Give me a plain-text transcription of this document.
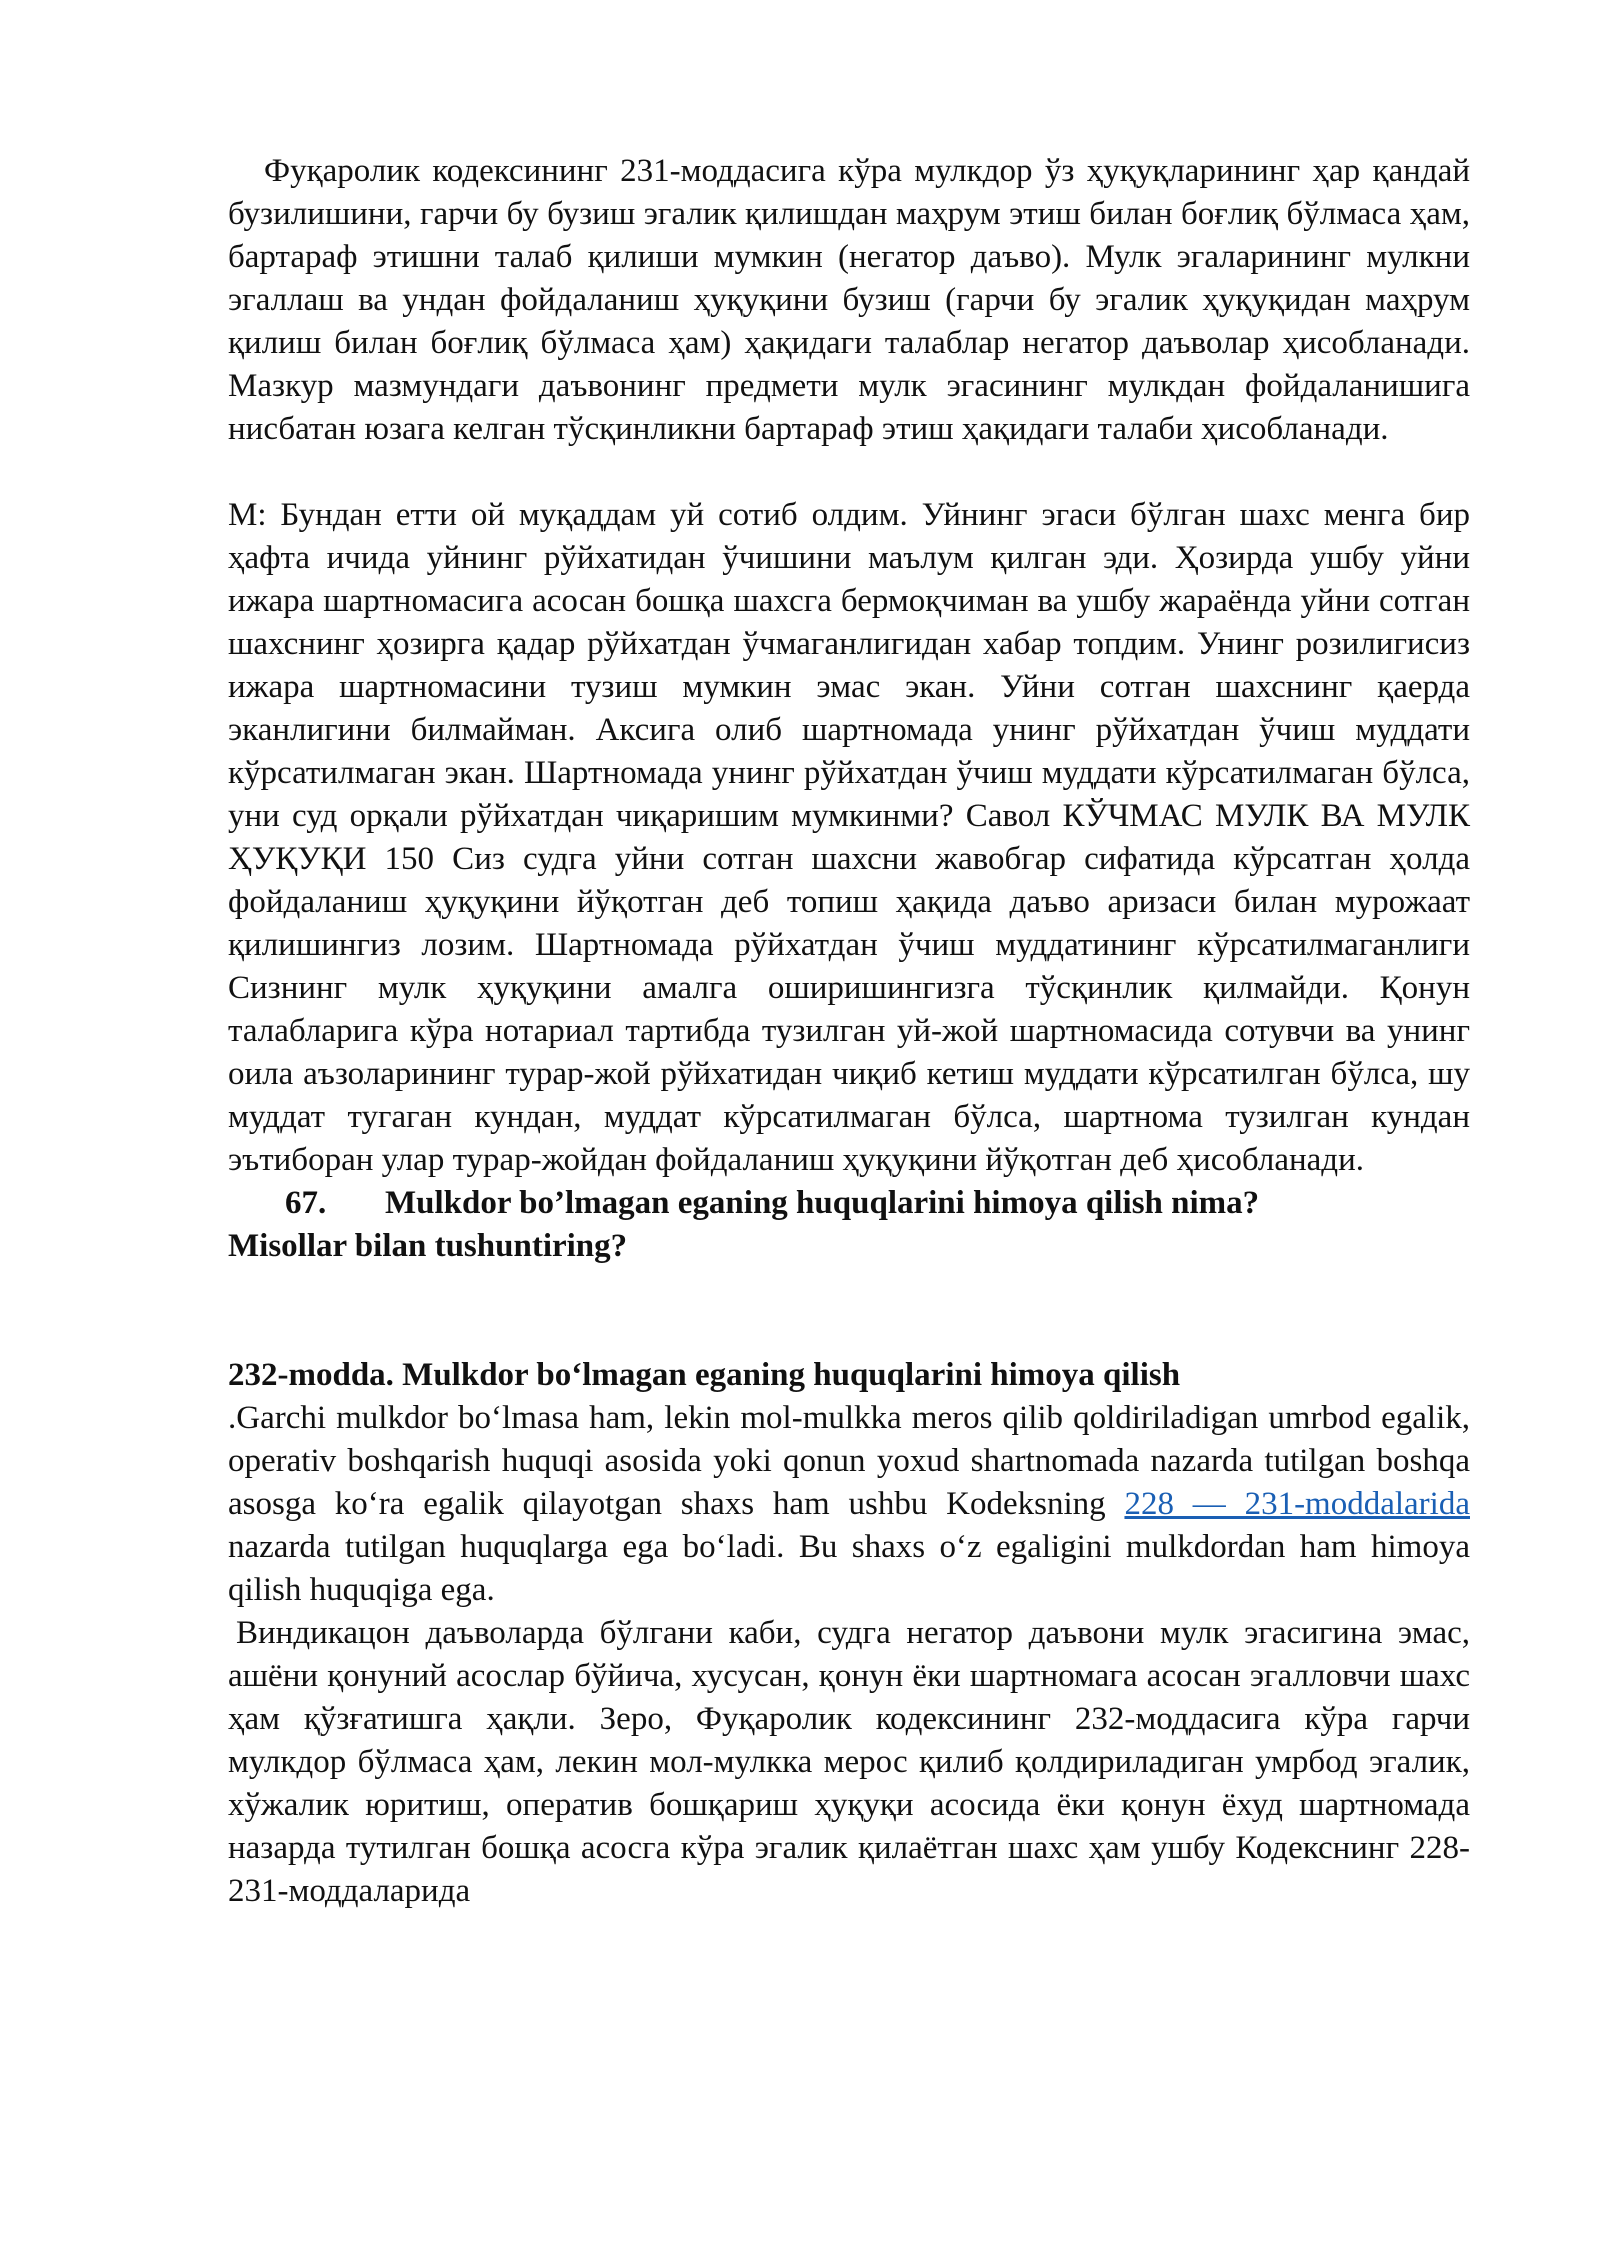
Фуқаролик кодексининг 231-моддасига кўра мулкдор ўз ҳуқуқларининг ҳар қандай бузилишини, гарчи бу бузиш эгалик қилишдан маҳрум этиш билан боғлиқ бўлмаса ҳам, бартараф этишни талаб қилиши мумкин (негатор даъво). Мулк эгаларининг мулкни эгаллаш ва ундан фойдаланиш ҳуқуқини бузиш (гарчи бу эгалик ҳуқуқидан маҳрум қилиш билан боғлиқ бўлмаса ҳам) ҳақидаги талаблар негатор даъволар ҳисобланади. Мазкур мазмундаги даъвонинг предмети мулк эгасининг мулкдан фойдаланишига нисбатан юзага келган тўсқинликни бартараф этиш ҳақидаги талаби ҳисобланади.

М: Бундан етти ой муқаддам уй сотиб олдим. Уйнинг эгаси бўлган шахс менга бир ҳафта ичида уйнинг рўйхатидан ўчишини маълум қилган эди. Ҳозирда ушбу уйни ижара шартномасига асосан бошқа шахсга бермоқчиман ва ушбу жараёнда уйни сотган шахснинг ҳозирга қадар рўйхатдан ўчмаганлигидан хабар топдим. Унинг розилигисиз ижара шартномасини тузиш мумкин эмас экан. Уйни сотган шахснинг қаерда эканлигини билмайман. Аксига олиб шартномада унинг рўйхатдан ўчиш муддати кўрсатилмаган экан. Шартномада унинг рўйхатдан ўчиш муддати кўрсатилмаган бўлса, уни суд орқали рўйхатдан чиқаришим мумкинми? Савол КЎЧМАС МУЛК ВА МУЛК ҲУҚУҚИ 150 Сиз судга уйни сотган шахсни жавобгар сифатида кўрсатган ҳолда фойдаланиш ҳуқуқини йўқотган деб топиш ҳақида даъво аризаси билан мурожаат қилишингиз лозим. Шартномада рўйхатдан ўчиш муддатининг кўрсатилмаганлиги Сизнинг мулк ҳуқуқини амалга оширишингизга тўсқинлик қилмайди. Қонун талабларига кўра нотариал тартибда тузилган уй-жой шартномасида сотувчи ва унинг оила аъзоларининг турар-жой рўйхатидан чиқиб кетиш муддати кўрсатилган бўлса, шу муддат тугаган кундан, муддат кўрсатилмаган бўлса, шартнома тузилган кундан эътиборан улар турар-жойдан фойдаланиш ҳуқуқини йўқотган деб ҳисобланади.

67. Mulkdor bo’lmagan eganing huquqlarini himoya qilish nima?
Misollar bilan tushuntiring?

232-modda. Mulkdor boʻlmagan eganing huquqlarini himoya qilish

.Garchi mulkdor boʻlmasa ham, lekin mol-mulkka meros qilib qoldiriladigan umrbod egalik, operativ boshqarish huquqi asosida yoki qonun yoxud shartnomada nazarda tutilgan boshqa asosga koʻra egalik qilayotgan shaxs ham ushbu Kodeksning 228 — 231-moddalarida nazarda tutilgan huquqlarga ega boʻladi. Bu shaxs oʻz egaligini mulkdordan ham himoya qilish huquqiga ega.

Виндикацон даъволарда бўлгани каби, судга негатор даъвони мулк эгасигина эмас, ашёни қонуний асослар бўйича, хусусан, қонун ёки шартномага асосан эгалловчи шахс ҳам қўзғатишга ҳақли. Зеро, Фуқаролик кодексининг 232-моддасига кўра гарчи мулкдор бўлмаса ҳам, лекин мол-мулкка мерос қилиб қолдириладиган умрбод эгалик, хўжалик юритиш, оператив бошқариш ҳуқуқи асосида ёки қонун ёхуд шартномада назарда тутилган бошқа асосга кўра эгалик қилаётган шахс ҳам ушбу Кодекснинг 228-231-моддаларида
